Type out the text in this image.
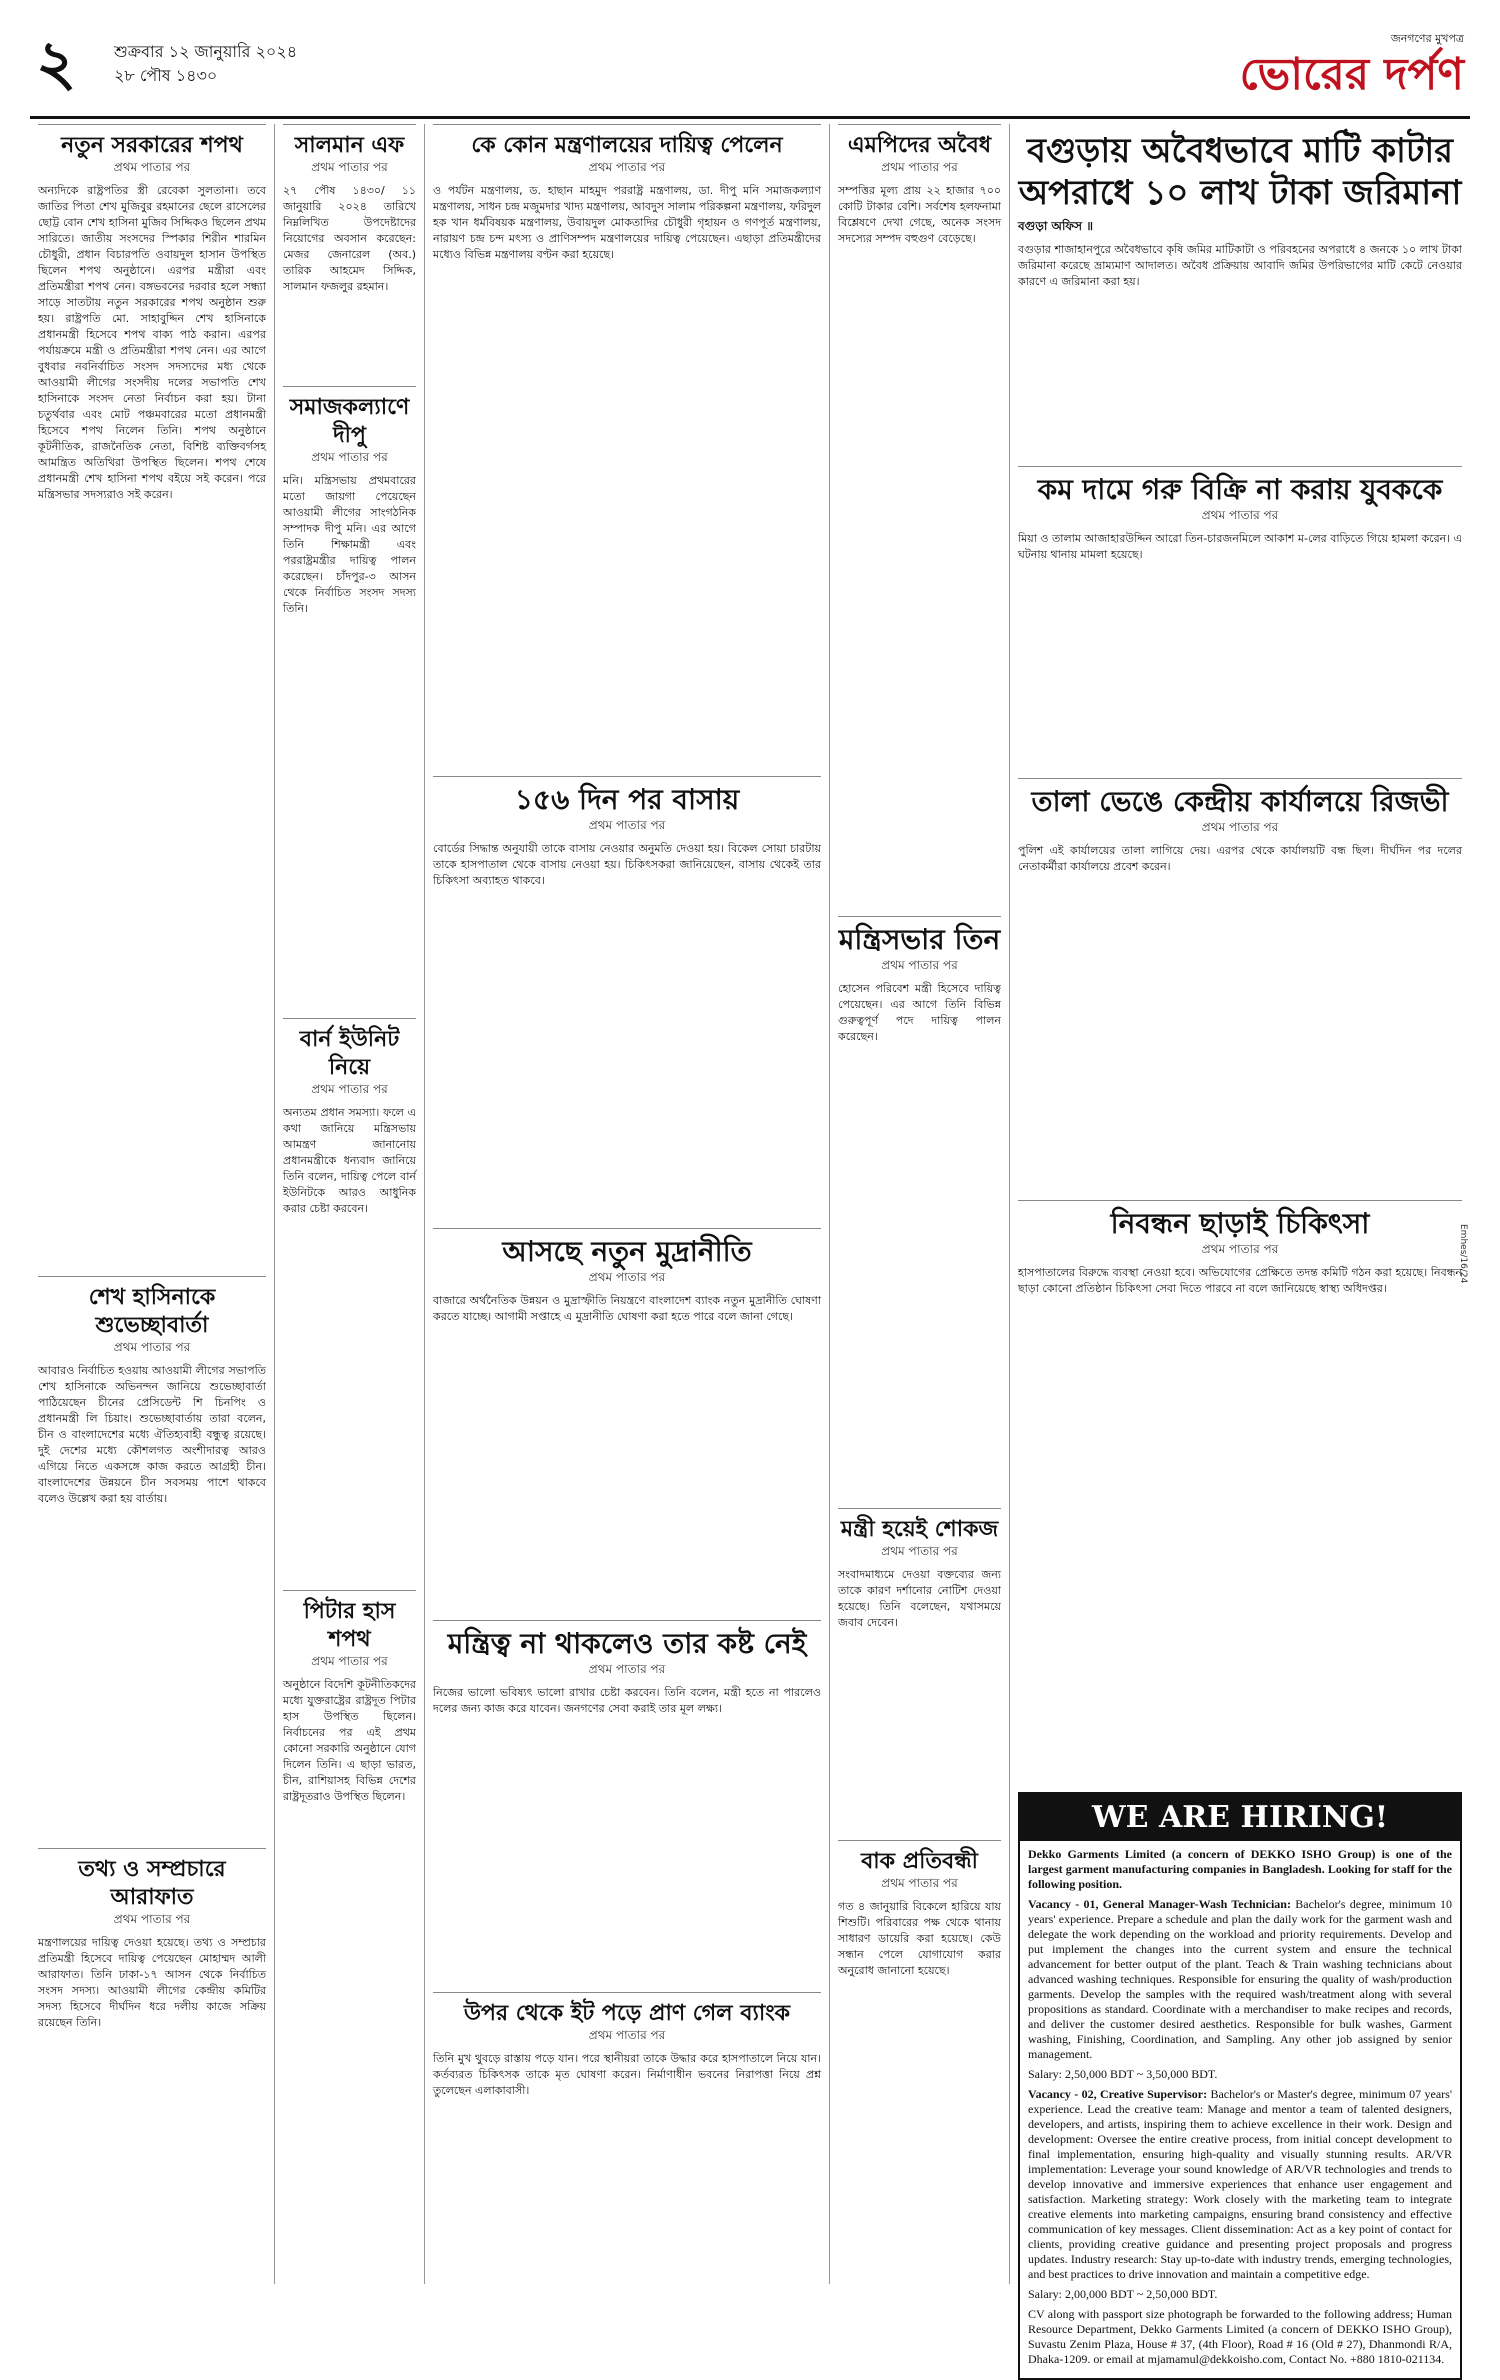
২ শুক্রবার ১২ জানুয়ারি ২০২৪
২৮ পৌষ ১৪৩০
জনগণের মুখপত্র
ভোরের দর্পণ
নতুন সরকারের শপথ
প্রথম পাতার পর
অন্যদিকে রাষ্ট্রপতির স্ত্রী রেবেকা সুলতানা। তবে জাতির পিতা শেখ মুজিবুর রহমানের ছেলে রাসেলের ছোট্ট বোন শেখ হাসিনা মুজিব সিদ্দিকও ছিলেন প্রথম সারিতে। জাতীয় সংসদের স্পিকার শিরীন শারমিন চৌধুরী, প্রধান বিচারপতি ওবায়দুল হাসান উপস্থিত ছিলেন শপথ অনুষ্ঠানে। এরপর মন্ত্রীরা এবং প্রতিমন্ত্রীরা শপথ নেন। বঙ্গভবনের দরবার হলে সন্ধ্যা সাড়ে সাতটায় নতুন সরকারের শপথ অনুষ্ঠান শুরু হয়। রাষ্ট্রপতি মো. সাহাবুদ্দিন শেখ হাসিনাকে প্রধানমন্ত্রী হিসেবে শপথ বাক্য পাঠ করান। এরপর পর্যায়ক্রমে মন্ত্রী ও প্রতিমন্ত্রীরা শপথ নেন। এর আগে বুধবার নবনির্বাচিত সংসদ সদস্যদের মধ্য থেকে আওয়ামী লীগের সংসদীয় দলের সভাপতি শেখ হাসিনাকে সংসদ নেতা নির্বাচন করা হয়। টানা চতুর্থবার এবং মোট পঞ্চমবারের মতো প্রধানমন্ত্রী হিসেবে শপথ নিলেন তিনি। শপথ অনুষ্ঠানে কূটনীতিক, রাজনৈতিক নেতা, বিশিষ্ট ব্যক্তিবর্গসহ আমন্ত্রিত অতিথিরা উপস্থিত ছিলেন। শপথ শেষে প্রধানমন্ত্রী শেখ হাসিনা শপথ বইয়ে সই করেন। পরে মন্ত্রিসভার সদস্যরাও সই করেন।
শেখ হাসিনাকে শুভেচ্ছাবার্তা
প্রথম পাতার পর
আবারও নির্বাচিত হওয়ায় আওয়ামী লীগের সভাপতি শেখ হাসিনাকে অভিনন্দন জানিয়ে শুভেচ্ছাবার্তা পাঠিয়েছেন চীনের প্রেসিডেন্ট শি চিনপিং ও প্রধানমন্ত্রী লি চিয়াং। শুভেচ্ছাবার্তায় তারা বলেন, চীন ও বাংলাদেশের মধ্যে ঐতিহ্যবাহী বন্ধুত্ব রয়েছে। দুই দেশের মধ্যে কৌশলগত অংশীদারত্ব আরও এগিয়ে নিতে একসঙ্গে কাজ করতে আগ্রহী চীন। বাংলাদেশের উন্নয়নে চীন সবসময় পাশে থাকবে বলেও উল্লেখ করা হয় বার্তায়।
তথ্য ও সম্প্রচারে আরাফাত
প্রথম পাতার পর
মন্ত্রণালয়ের দায়িত্ব দেওয়া হয়েছে। তথ্য ও সম্প্রচার প্রতিমন্ত্রী হিসেবে দায়িত্ব পেয়েছেন মোহাম্মদ আলী আরাফাত। তিনি ঢাকা-১৭ আসন থেকে নির্বাচিত সংসদ সদস্য। আওয়ামী লীগের কেন্দ্রীয় কমিটির সদস্য হিসেবে দীর্ঘদিন ধরে দলীয় কাজে সক্রিয় রয়েছেন তিনি।
সালমান এফ
প্রথম পাতার পর
২৭ পৌষ ১৪৩০/ ১১ জানুয়ারি ২০২৪ তারিখে নিম্নলিখিত উপদেষ্টাদের নিয়োগের অবসান করেছেন: মেজর জেনারেল (অব.) তারিক আহমেদ সিদ্দিক, সালমান ফজলুর রহমান।
সমাজকল্যাণে দীপু
প্রথম পাতার পর
মনি। মন্ত্রিসভায় প্রথমবারের মতো জায়গা পেয়েছেন আওয়ামী লীগের সাংগঠনিক সম্পাদক দীপু মনি। এর আগে তিনি শিক্ষামন্ত্রী এবং পররাষ্ট্রমন্ত্রীর দায়িত্ব পালন করেছেন। চাঁদপুর-৩ আসন থেকে নির্বাচিত সংসদ সদস্য তিনি।
বার্ন ইউনিট নিয়ে
প্রথম পাতার পর
অন্যতম প্রধান সমস্যা। ফলে এ কথা জানিয়ে মন্ত্রিসভায় আমন্ত্রণ জানানোয় প্রধানমন্ত্রীকে ধন্যবাদ জানিয়ে তিনি বলেন, দায়িত্ব পেলে বার্ন ইউনিটকে আরও আধুনিক করার চেষ্টা করবেন।
পিটার হাস শপথ
প্রথম পাতার পর
অনুষ্ঠানে বিদেশি কূটনীতিকদের মধ্যে যুক্তরাষ্ট্রের রাষ্ট্রদূত পিটার হাস উপস্থিত ছিলেন। নির্বাচনের পর এই প্রথম কোনো সরকারি অনুষ্ঠানে যোগ দিলেন তিনি। এ ছাড়া ভারত, চীন, রাশিয়াসহ বিভিন্ন দেশের রাষ্ট্রদূতরাও উপস্থিত ছিলেন।
কে কোন মন্ত্রণালয়ের দায়িত্ব পেলেন
প্রথম পাতার পর
ও পর্যটন মন্ত্রণালয়, ড. হাছান মাহমুদ পররাষ্ট্র মন্ত্রণালয়, ডা. দীপু মনি সমাজকল্যাণ মন্ত্রণালয়, সাধন চন্দ্র মজুমদার খাদ্য মন্ত্রণালয়, আবদুস সালাম পরিকল্পনা মন্ত্রণালয়, ফরিদুল হক খান ধর্মবিষয়ক মন্ত্রণালয়, উবায়দুল মোকতাদির চৌধুরী গৃহায়ন ও গণপূর্ত মন্ত্রণালয়, নারায়ণ চন্দ্র চন্দ মৎস্য ও প্রাণিসম্পদ মন্ত্রণালয়ের দায়িত্ব পেয়েছেন। এছাড়া প্রতিমন্ত্রীদের মধ্যেও বিভিন্ন মন্ত্রণালয় বণ্টন করা হয়েছে।
১৫৬ দিন পর বাসায়
প্রথম পাতার পর
বোর্ডের সিদ্ধান্ত অনুযায়ী তাকে বাসায় নেওয়ার অনুমতি দেওয়া হয়। বিকেল সোয়া চারটায় তাকে হাসপাতাল থেকে বাসায় নেওয়া হয়। চিকিৎসকরা জানিয়েছেন, বাসায় থেকেই তার চিকিৎসা অব্যাহত থাকবে।
আসছে নতুন মুদ্রানীতি
প্রথম পাতার পর
বাজারে অর্থনৈতিক উন্নয়ন ও মুদ্রাস্ফীতি নিয়ন্ত্রণে বাংলাদেশ ব্যাংক নতুন মুদ্রানীতি ঘোষণা করতে যাচ্ছে। আগামী সপ্তাহে এ মুদ্রানীতি ঘোষণা করা হতে পারে বলে জানা গেছে।
মন্ত্রিত্ব না থাকলেও তার কষ্ট নেই
প্রথম পাতার পর
নিজের ভালো ভবিষ্যৎ ভালো রাখার চেষ্টা করবেন। তিনি বলেন, মন্ত্রী হতে না পারলেও দলের জন্য কাজ করে যাবেন। জনগণের সেবা করাই তার মূল লক্ষ্য।
উপর থেকে ইট পড়ে প্রাণ গেল ব্যাংক
প্রথম পাতার পর
তিনি মুখ থুবড়ে রাস্তায় পড়ে যান। পরে স্থানীয়রা তাকে উদ্ধার করে হাসপাতালে নিয়ে যান। কর্তব্যরত চিকিৎসক তাকে মৃত ঘোষণা করেন। নির্মাণাধীন ভবনের নিরাপত্তা নিয়ে প্রশ্ন তুলেছেন এলাকাবাসী।
এমপিদের অবৈধ
প্রথম পাতার পর
সম্পত্তির মূল্য প্রায় ২২ হাজার ৭০০ কোটি টাকার বেশি। সর্বশেষ হলফনামা বিশ্লেষণে দেখা গেছে, অনেক সংসদ সদস্যের সম্পদ বহুগুণ বেড়েছে।
মন্ত্রিসভার তিন
প্রথম পাতার পর
হোসেন পরিবেশ মন্ত্রী হিসেবে দায়িত্ব পেয়েছেন। এর আগে তিনি বিভিন্ন গুরুত্বপূর্ণ পদে দায়িত্ব পালন করেছেন।
মন্ত্রী হয়েই শোকজ
প্রথম পাতার পর
সংবাদমাধ্যমে দেওয়া বক্তব্যের জন্য তাকে কারণ দর্শানোর নোটিশ দেওয়া হয়েছে। তিনি বলেছেন, যথাসময়ে জবাব দেবেন।
বাক প্রতিবন্ধী
প্রথম পাতার পর
গত ৪ জানুয়ারি বিকেলে হারিয়ে যায় শিশুটি। পরিবারের পক্ষ থেকে থানায় সাধারণ ডায়েরি করা হয়েছে। কেউ সন্ধান পেলে যোগাযোগ করার অনুরোধ জানানো হয়েছে।
বগুড়ায় অবৈধভাবে মাটি কাটার অপরাধে ১০ লাখ টাকা জরিমানা
বগুড়া অফিস ॥
বগুড়ার শাজাহানপুরে অবৈধভাবে কৃষি জমির মাটিকাটা ও পরিবহনের অপরাধে ৪ জনকে ১০ লাখ টাকা জরিমানা করেছে ভ্রাম্যমাণ আদালত। অবৈধ প্রক্রিয়ায় আবাদি জমির উপরিভাগের মাটি কেটে নেওয়ার কারণে এ জরিমানা করা হয়।
কম দামে গরু বিক্রি না করায় যুবককে
প্রথম পাতার পর
মিয়া ও তালাম আজাহারউদ্দিন আরো তিন-চারজনমিলে আকাশ ম-লের বাড়িতে গিয়ে হামলা করেন। এ ঘটনায় থানায় মামলা হয়েছে।
তালা ভেঙে কেন্দ্রীয় কার্যালয়ে রিজভী
প্রথম পাতার পর
পুলিশ এই কার্যালয়ের তালা লাগিয়ে দেয়। এরপর থেকে কার্যালয়টি বন্ধ ছিল। দীর্ঘদিন পর দলের নেতাকর্মীরা কার্যালয়ে প্রবেশ করেন।
নিবন্ধন ছাড়াই চিকিৎসা
প্রথম পাতার পর
হাসপাতালের বিরুদ্ধে ব্যবস্থা নেওয়া হবে। অভিযোগের প্রেক্ষিতে তদন্ত কমিটি গঠন করা হয়েছে। নিবন্ধন ছাড়া কোনো প্রতিষ্ঠান চিকিৎসা সেবা দিতে পারবে না বলে জানিয়েছে স্বাস্থ্য অধিদপ্তর।
WE ARE HIRING!

Dekko Garments Limited (a concern of DEKKO ISHO Group) is one of the largest garment manufacturing companies in Bangladesh. Looking for staff for the following position.

Vacancy - 01, General Manager-Wash Technician: Bachelor's degree, minimum 10 years' experience. Prepare a schedule and plan the daily work for the garment wash and delegate the work depending on the workload and priority requirements. Develop and put implement the changes into the current system and ensure the technical advancement for better output of the plant. Teach & Train washing technicians about advanced washing techniques. Responsible for ensuring the quality of wash/production garments. Develop the samples with the required wash/treatment along with several propositions as standard. Coordinate with a merchandiser to make recipes and records, and deliver the customer desired aesthetics. Responsible for bulk washes, Garment washing, Finishing, Coordination, and Sampling. Any other job assigned by senior management.

Salary: 2,50,000 BDT ~ 3,50,000 BDT.

Vacancy - 02, Creative Supervisor: Bachelor's or Master's degree, minimum 07 years' experience. Lead the creative team: Manage and mentor a team of talented designers, developers, and artists, inspiring them to achieve excellence in their work. Design and development: Oversee the entire creative process, from initial concept development to final implementation, ensuring high-quality and visually stunning results. AR/VR implementation: Leverage your sound knowledge of AR/VR technologies and trends to develop innovative and immersive experiences that enhance user engagement and satisfaction. Marketing strategy: Work closely with the marketing team to integrate creative elements into marketing campaigns, ensuring brand consistency and effective communication of key messages. Client dissemination: Act as a key point of contact for clients, providing creative guidance and presenting project proposals and progress updates. Industry research: Stay up-to-date with industry trends, emerging technologies, and best practices to drive innovation and maintain a competitive edge.

Salary: 2,00,000 BDT ~ 2,50,000 BDT.

CV along with passport size photograph be forwarded to the following address; Human Resource Department, Dekko Garments Limited (a concern of DEKKO ISHO Group), Suvastu Zenim Plaza, House # 37, (4th Floor), Road # 16 (Old # 27), Dhanmondi R/A, Dhaka-1209. or email at mjamamul@dekkoisho.com, Contact No. +880 1810-021134.

Emhes/16/24
